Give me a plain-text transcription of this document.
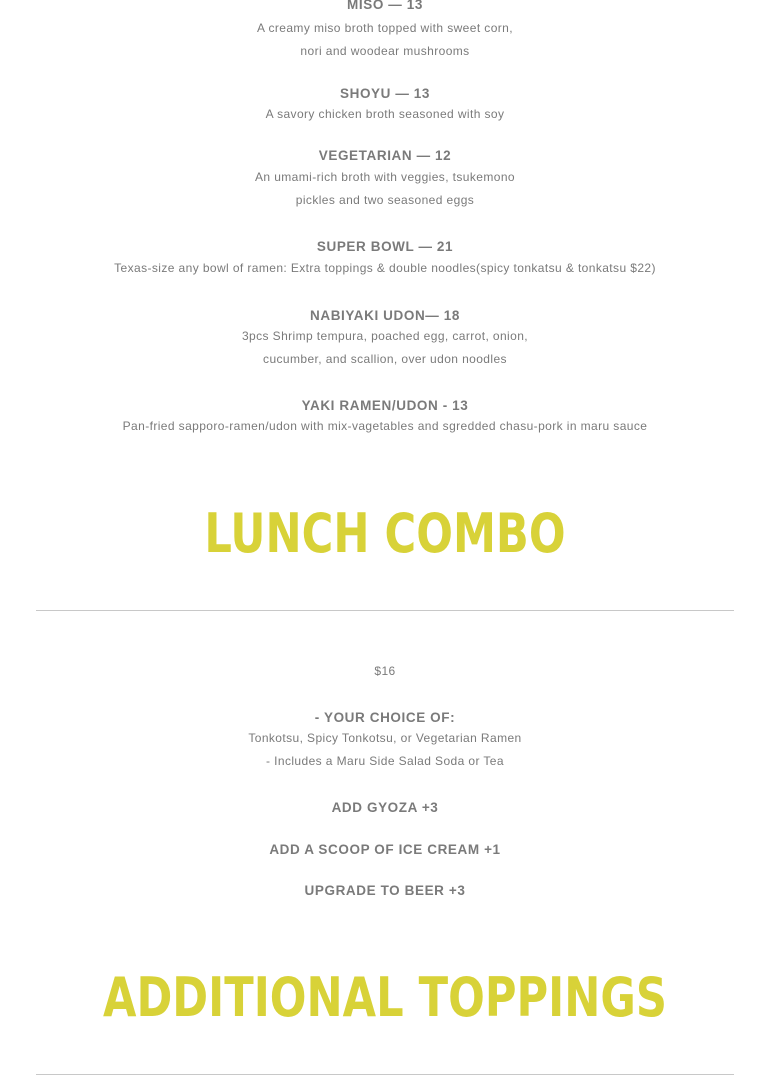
MISO — 13

A creamy miso broth topped with sweet corn,

nori and woodear mushrooms

SHOYU — 13

A savory chicken broth seasoned with soy

VEGETARIAN — 12

An umami-rich broth with veggies, tsukemono

pickles and two seasoned eggs

SUPER BOWL — 21

Texas-size any bowl of ramen: Extra toppings & double noodles(spicy tonkatsu & tonkatsu $22)

NABIYAKI UDON— 18

3pcs Shrimp tempura, poached egg, carrot, onion,

cucumber, and scallion, over udon noodles

YAKI RAMEN/UDON - 13

Pan-fried sapporo-ramen/udon with mix-vagetables and sgredded chasu-pork in maru sauce

LUNCH COMBO

$16

- YOUR CHOICE OF:

Tonkotsu, Spicy Tonkotsu, or Vegetarian Ramen

- Includes a Maru Side Salad Soda or Tea

ADD GYOZA +3

ADD A SCOOP OF ICE CREAM +1

UPGRADE TO BEER +3

ADDITIONAL TOPPINGS
